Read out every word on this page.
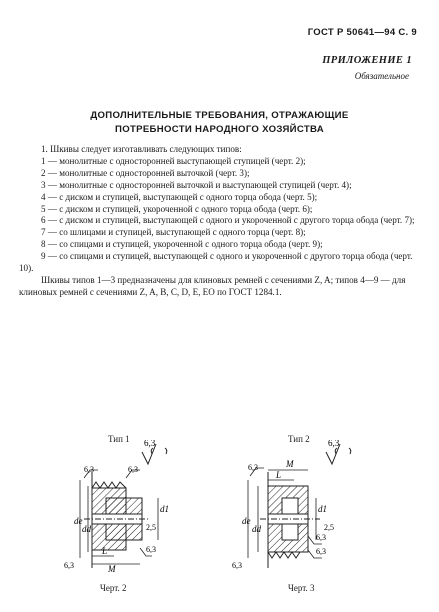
ГОСТ Р 50641—94 С. 9
ПРИЛОЖЕНИЕ 1
Обязательное
ДОПОЛНИТЕЛЬНЫЕ ТРЕБОВАНИЯ, ОТРАЖАЮЩИЕ
ПОТРЕБНОСТИ НАРОДНОГО ХОЗЯЙСТВА

1. Шкивы следует изготавливать следующих типов:

1 — монолитные с односторонней выступающей ступицей (черт. 2);

2 — монолитные с односторонней выточкой (черт. 3);

3 — монолитные с односторонней выточкой и выступающей ступицей (черт. 4);

4 — с диском и ступицей, выступающей с одного торца обода (черт. 5);

5 — с диском и ступицей, укороченной с одного торца обода (черт. 6);

6 — с диском и ступицей, выступающей с одного и укороченной с другого торца обода (черт. 7);

7 — со шлицами и ступицей, выступающей с одного торца (черт. 8);

8 — со спицами и ступицей, укороченной с одного торца обода (черт. 9);

9 — со спицами и ступицей, выступающей с одного и укороченной с другого торца обода (черт. 10).

Шкивы типов 1—3 предназначены для клиновых ремней с сечениями Z, A; типов 4—9 — для клиновых ремней с сечениями Z, A, B, C, D, E, EO по ГОСТ 1284.1.

Тип 1
Черт. 2
6,3
6,3	6,3
6,3
6,3
2,5
de
dd
d1
L
M
Тип 2
Черт. 3
6,3
6,3
6,3
6,3
6,3
2,5
de
dd
d1
L
M
